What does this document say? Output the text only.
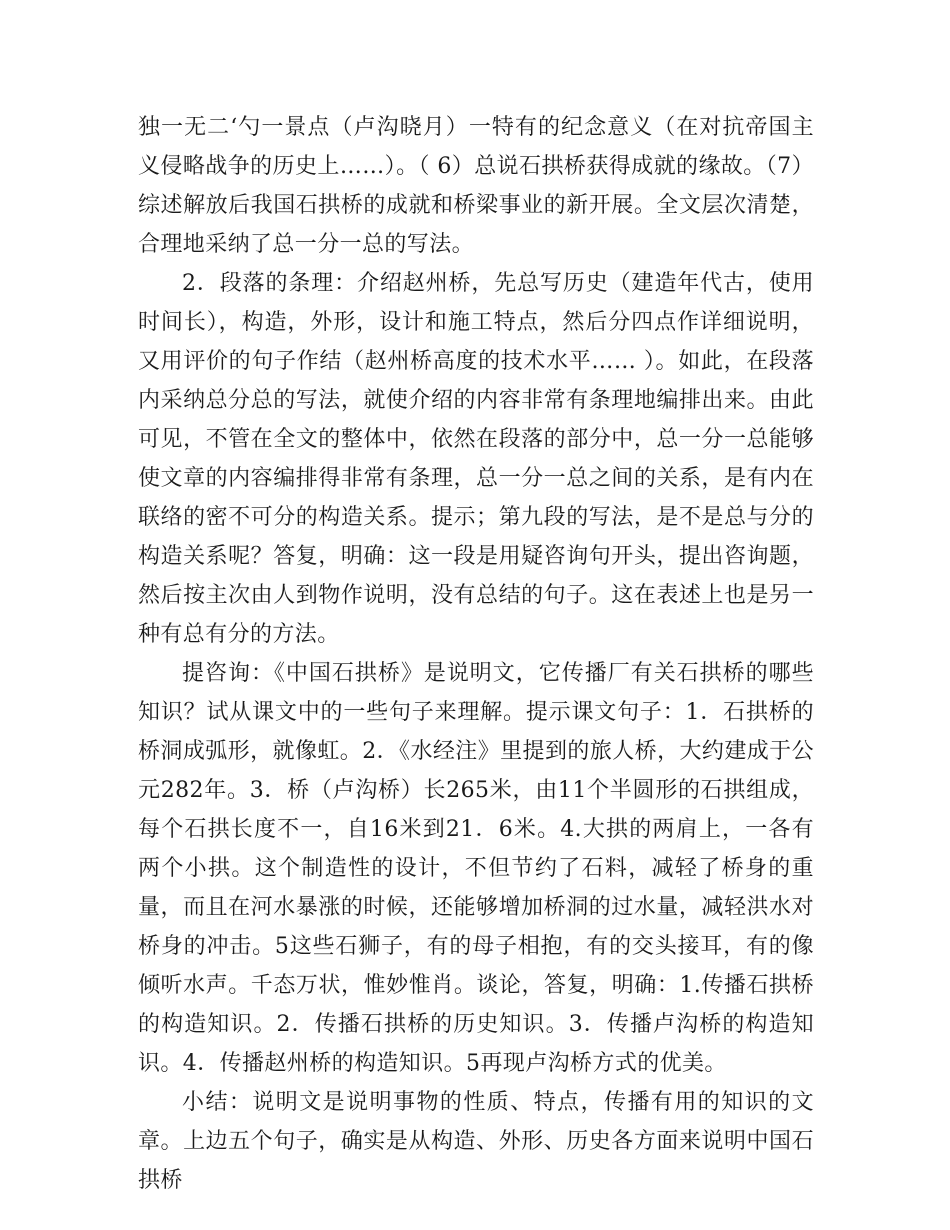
独一无二‘勺一景点（卢沟晓月）一特有的纪念意义（在对抗帝国主义侵略战争的历史上……）。（ 6）总说石拱桥获得成就的缘故。（7）综述解放后我国石拱桥的成就和桥梁事业的新开展。全文层次清楚，合理地采纳了总一分一总的写法。

2．段落的条理：介绍赵州桥，先总写历史（建造年代古，使用时间长），构造，外形，设计和施工特点，然后分四点作详细说明，又用评价的句子作结（赵州桥高度的技术水平…… ）。如此，在段落内采纳总分总的写法，就使介绍的内容非常有条理地编排出来。由此可见，不管在全文的整体中，依然在段落的部分中，总一分一总能够使文章的内容编排得非常有条理，总一分一总之间的关系，是有内在联络的密不可分的构造关系。提示；第九段的写法，是不是总与分的构造关系呢？答复，明确：这一段是用疑咨询句开头，提出咨询题，然后按主次由人到物作说明，没有总结的句子。这在表述上也是另一种有总有分的方法。

提咨询：《中国石拱桥》是说明文，它传播厂有关石拱桥的哪些知识？试从课文中的一些句子来理解。提示课文句子：1．石拱桥的桥洞成弧形，就像虹。2．《水经注》里提到的旅人桥，大约建成于公元282年。3．桥（卢沟桥）长265米，由11个半圆形的石拱组成，每个石拱长度不一，自16米到21．6米。4.大拱的两肩上，一各有两个小拱。这个制造性的设计，不但节约了石料，减轻了桥身的重量，而且在河水暴涨的时候，还能够增加桥洞的过水量，减轻洪水对桥身的冲击。5这些石狮子，有的母子相抱，有的交头接耳，有的像倾听水声。千态万状，惟妙惟肖。谈论，答复，明确：1.传播石拱桥的构造知识。2．传播石拱桥的历史知识。3．传播卢沟桥的构造知识。4．传播赵州桥的构造知识。5再现卢沟桥方式的优美。

小结：说明文是说明事物的性质、特点，传播有用的知识的文章。上边五个句子，确实是从构造、外形、历史各方面来说明中国石拱桥
